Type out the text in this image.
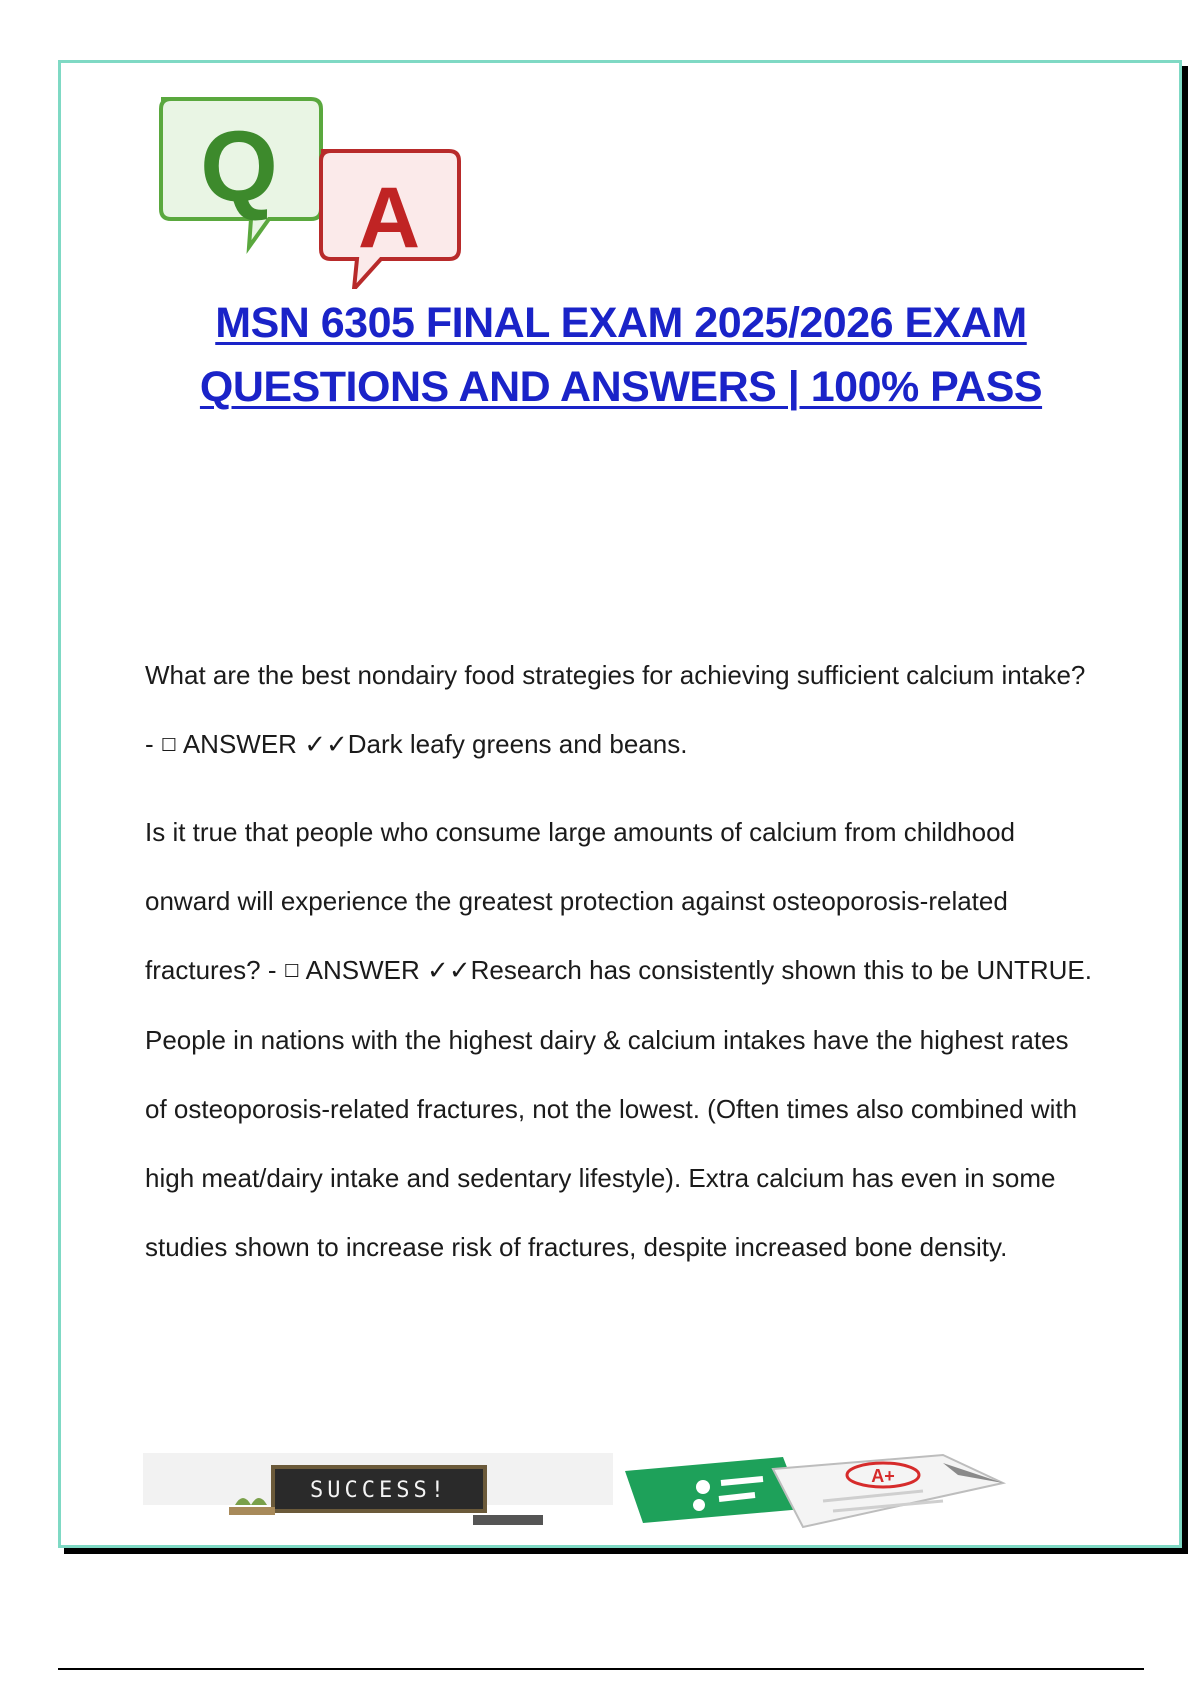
Q A
MSN 6305 FINAL EXAM 2025/2026 EXAM QUESTIONS AND ANSWERS | 100% PASS

What are the best nondairy food strategies for achieving sufficient calcium intake? - ☐ ANSWER ✓✓Dark leafy greens and beans.

Is it true that people who consume large amounts of calcium from childhood onward will experience the greatest protection against osteoporosis-related fractures? - ☐ ANSWER ✓✓Research has consistently shown this to be UNTRUE. People in nations with the highest dairy & calcium intakes have the highest rates of osteoporosis-related fractures, not the lowest. (Often times also combined with high meat/dairy intake and sedentary lifestyle). Extra calcium has even in some studies shown to increase risk of fractures, despite increased bone density.

SUCCESS!
A+
